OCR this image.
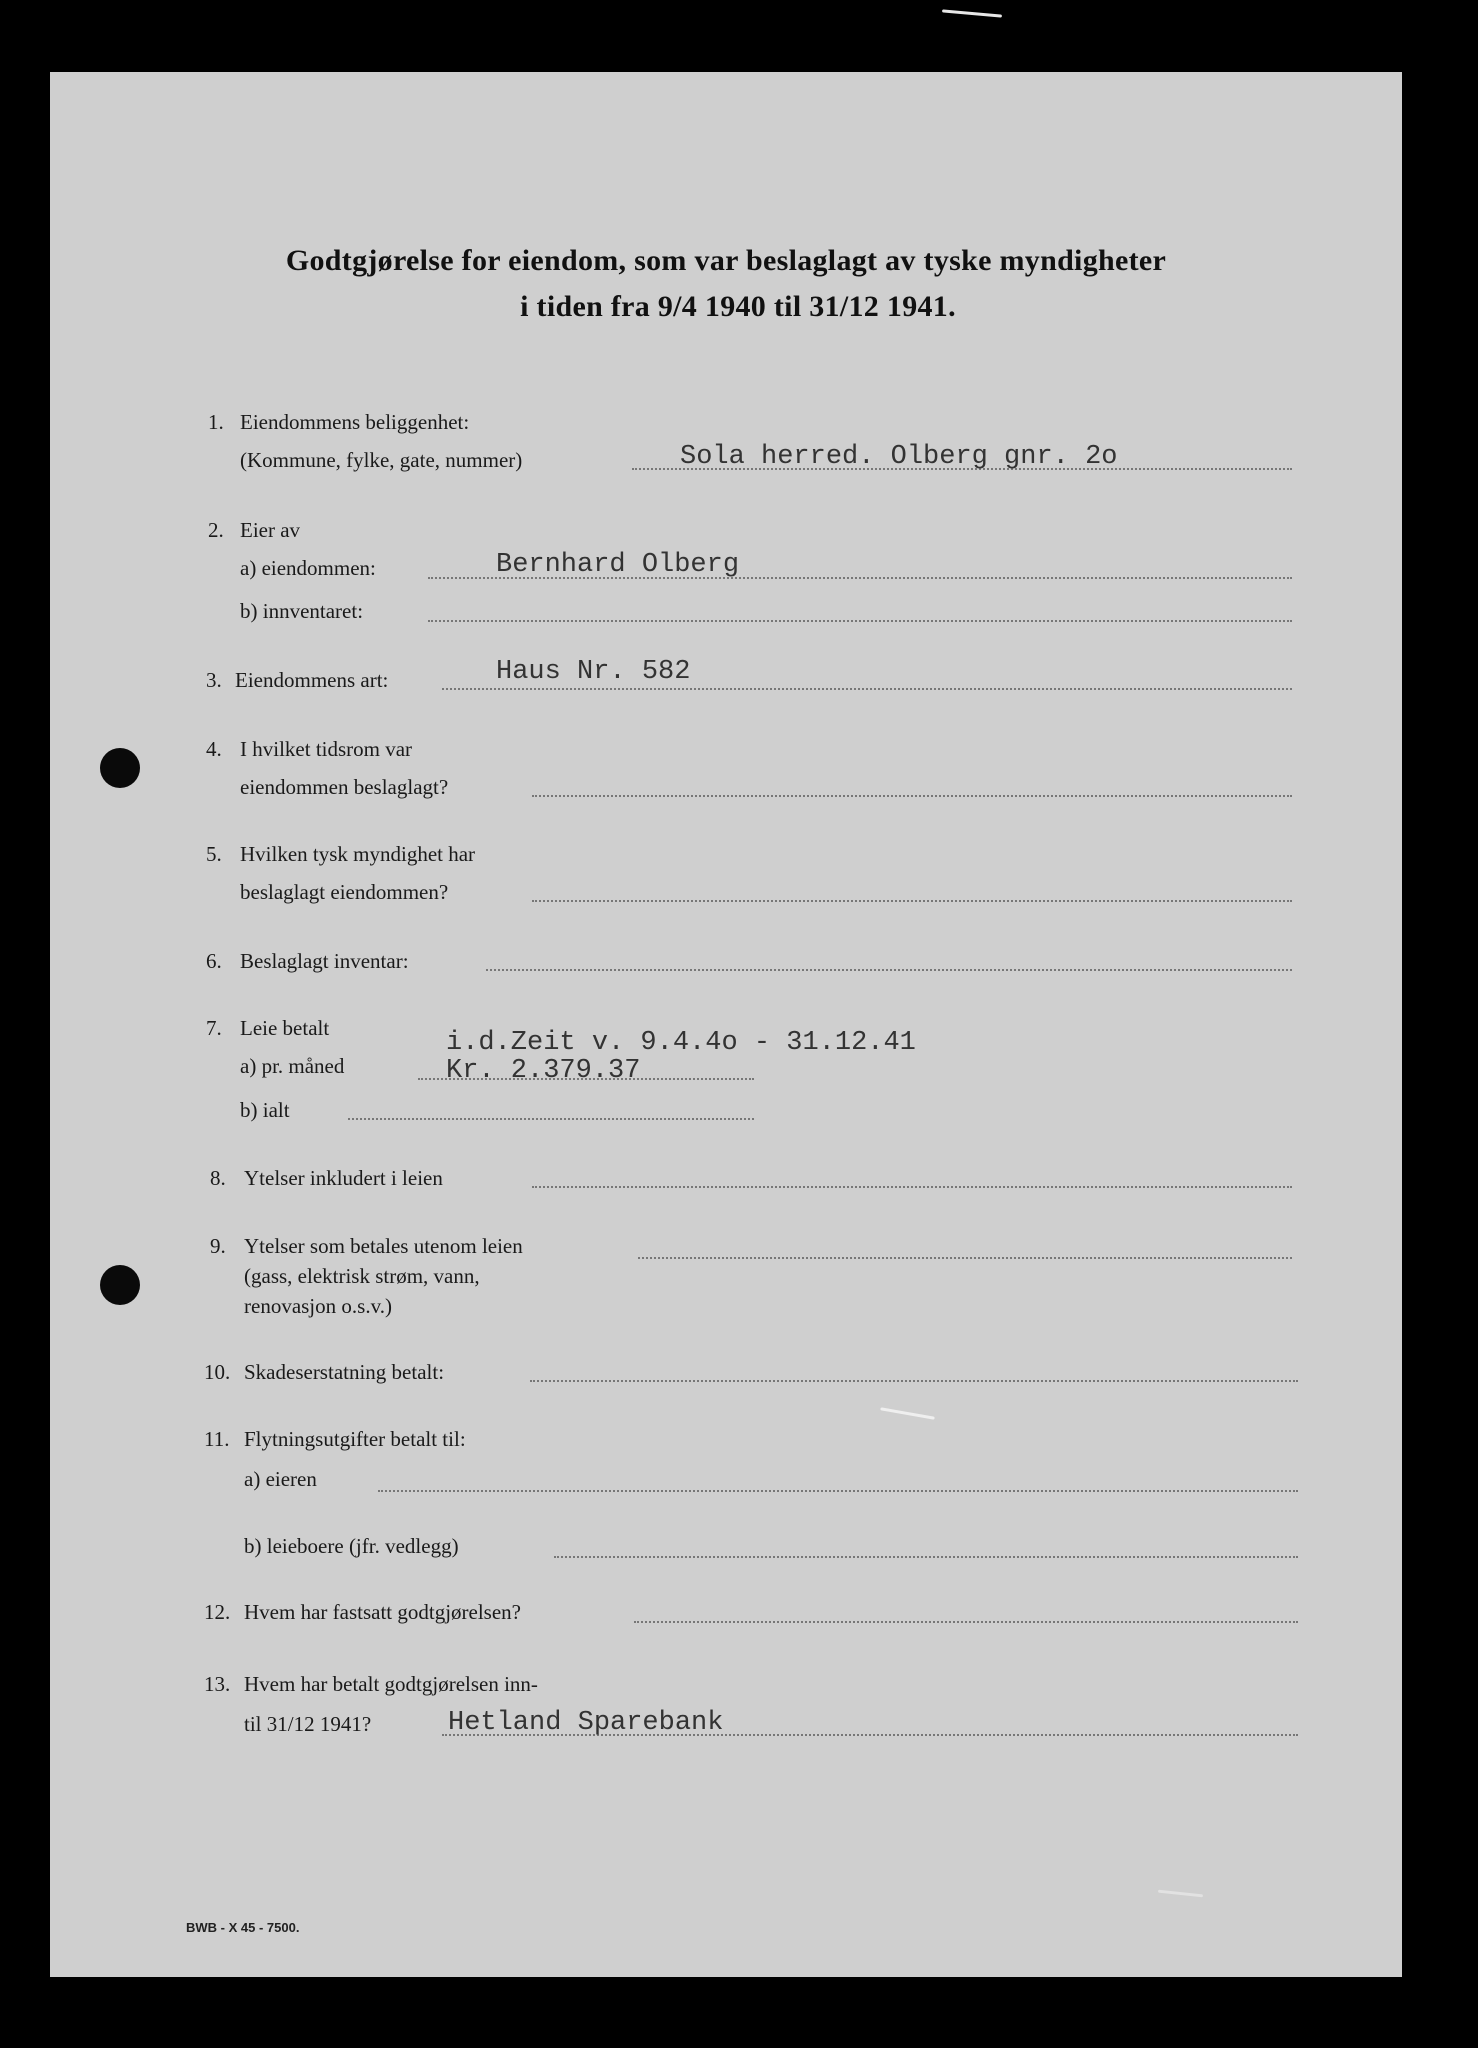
Godtgjørelse for eiendom, som var beslaglagt av tyske myndigheter
i tiden fra 9/4 1940 til 31/12 1941.
1. Eiendommens beliggenhet:
(Kommune, fylke, gate, nummer)	Sola herred. Olberg gnr. 2o
2. Eier av
a) eiendommen:	Bernhard Olberg
b) innventaret:
3. Eiendommens art:	Haus Nr. 582
4. I hvilket tidsrom var
eiendommen beslaglagt?
5. Hvilken tysk myndighet har
beslaglagt eiendommen?
6. Beslaglagt inventar:
7. Leie betalt	i.d.Zeit v. 9.4.4o - 31.12.41
a) pr. måned	Kr. 2.379.37
b) ialt
8. Ytelser inkludert i leien
9. Ytelser som betales utenom leien
(gass, elektrisk strøm, vann,
renovasjon o.s.v.)
10. Skadeserstatning betalt:
11. Flytningsutgifter betalt til:
a) eieren
b) leieboere (jfr. vedlegg)
12. Hvem har fastsatt godtgjørelsen?
13. Hvem har betalt godtgjørelsen inn-
til 31/12 1941?	Hetland Sparebank
BWB - X 45 - 7500.
